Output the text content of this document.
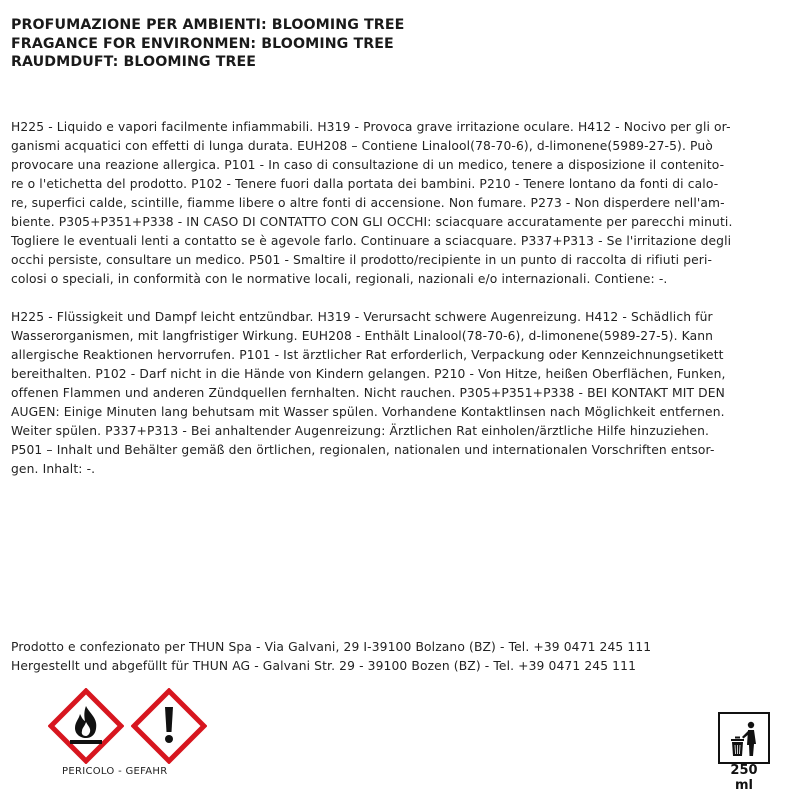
PROFUMAZIONE PER AMBIENTI: BLOOMING TREE
FRAGANCE FOR ENVIRONMEN: BLOOMING TREE
RAUDMDUFT: BLOOMING TREE
H225 - Liquido e vapori facilmente infiammabili. H319 - Provoca grave irritazione oculare. H412 - Nocivo per gli or-
ganismi acquatici con effetti di lunga durata. EUH208 – Contiene Linalool(78-70-6), d-limonene(5989-27-5). Può
provocare una reazione allergica. P101 - In caso di consultazione di un medico, tenere a disposizione il contenito-
re o l'etichetta del prodotto. P102 - Tenere fuori dalla portata dei bambini. P210 - Tenere lontano da fonti di calo-
re, superfici calde, scintille, fiamme libere o altre fonti di accensione. Non fumare. P273 - Non disperdere nell'am-
biente. P305+P351+P338 - IN CASO DI CONTATTO CON GLI OCCHI: sciacquare accuratamente per parecchi minuti.
Togliere le eventuali lenti a contatto se è agevole farlo. Continuare a sciacquare. P337+P313 - Se l'irritazione degli
occhi persiste, consultare un medico. P501 - Smaltire il prodotto/recipiente in un punto di raccolta di rifiuti peri-
colosi o speciali, in conformità con le normative locali, regionali, nazionali e/o internazionali. Contiene: -.
H225 - Flüssigkeit und Dampf leicht entzündbar. H319 - Verursacht schwere Augenreizung. H412 - Schädlich für
Wasserorganismen, mit langfristiger Wirkung. EUH208 - Enthält Linalool(78-70-6), d-limonene(5989-27-5). Kann
allergische Reaktionen hervorrufen. P101 - Ist ärztlicher Rat erforderlich, Verpackung oder Kennzeichnungsetikett
bereithalten. P102 - Darf nicht in die Hände von Kindern gelangen. P210 - Von Hitze, heißen Oberflächen, Funken,
offenen Flammen und anderen Zündquellen fernhalten. Nicht rauchen. P305+P351+P338 - BEI KONTAKT MIT DEN
AUGEN: Einige Minuten lang behutsam mit Wasser spülen. Vorhandene Kontaktlinsen nach Möglichkeit entfernen.
Weiter spülen. P337+P313 - Bei anhaltender Augenreizung: Ärztlichen Rat einholen/ärztliche Hilfe hinzuziehen.
P501 – Inhalt und Behälter gemäß den örtlichen, regionalen, nationalen und internationalen Vorschriften entsor-
gen. Inhalt: -.
Prodotto e confezionato per THUN Spa - Via Galvani, 29 I-39100 Bolzano (BZ) - Tel. +39 0471 245 111
Hergestellt und abgefüllt für THUN AG - Galvani Str. 29 - 39100 Bozen (BZ) - Tel. +39 0471 245 111
PERICOLO - GEFAHR	250
ml
